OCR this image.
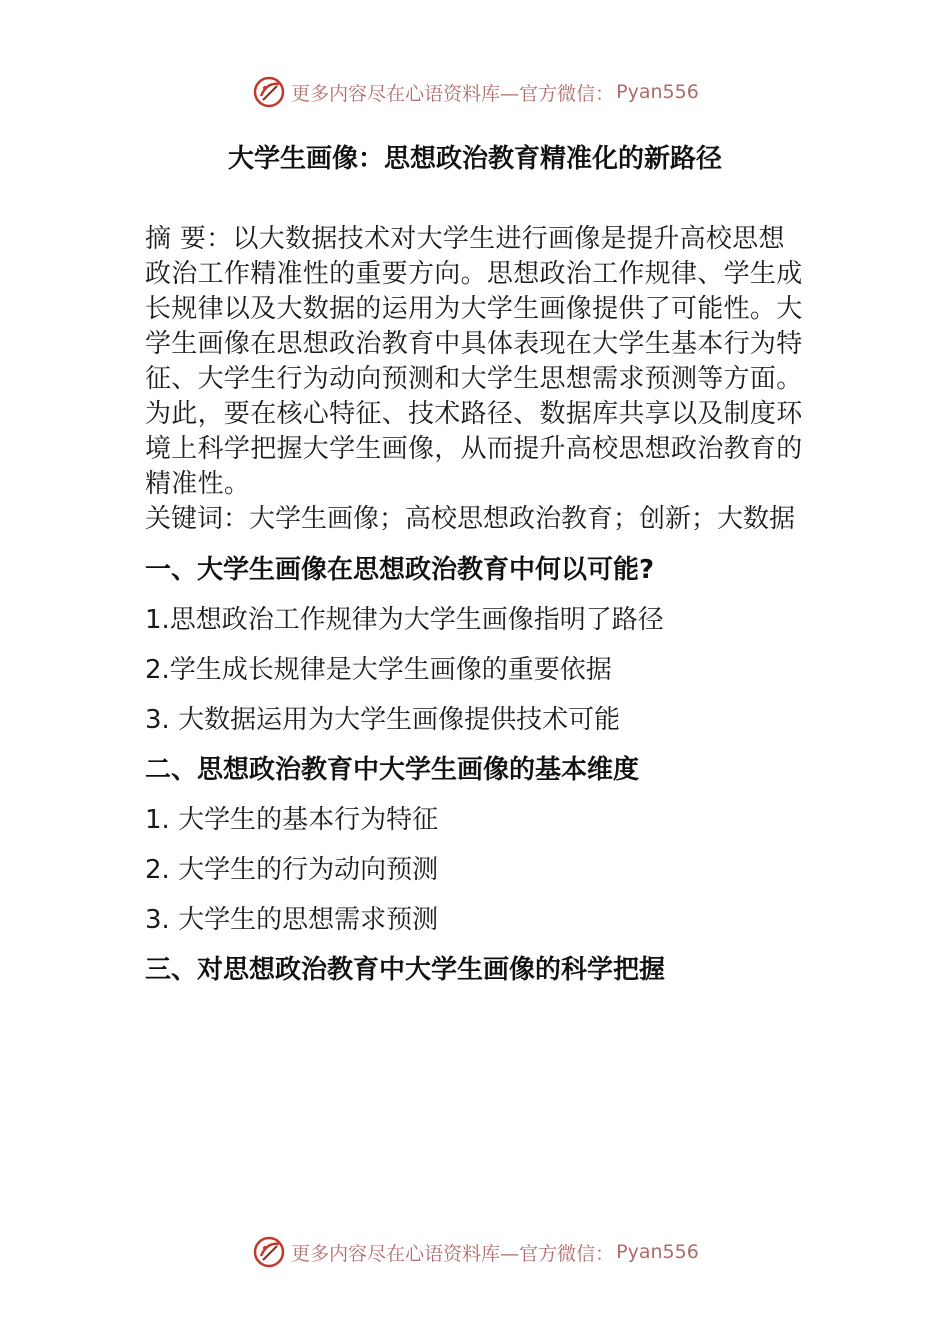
更多内容尽在心语资料库—官方微信： Pyan556
大学生画像：思想政治教育精准化的新路径

摘 要：以大数据技术对大学生进行画像是提升高校思想政治工作精准性的重要方向。思想政治工作规律、学生成长规律以及大数据的运用为大学生画像提供了可能性。大学生画像在思想政治教育中具体表现在大学生基本行为特征、大学生行为动向预测和大学生思想需求预测等方面。为此，要在核心特征、技术路径、数据库共享以及制度环境上科学把握大学生画像，从而提升高校思想政治教育的精准性。

关键词：大学生画像；高校思想政治教育；创新；大数据

一、大学生画像在思想政治教育中何以可能?

1.思想政治工作规律为大学生画像指明了路径

2.学生成长规律是大学生画像的重要依据

3. 大数据运用为大学生画像提供技术可能

二、思想政治教育中大学生画像的基本维度

1. 大学生的基本行为特征

2. 大学生的行为动向预测

3. 大学生的思想需求预测

三、对思想政治教育中大学生画像的科学把握

更多内容尽在心语资料库—官方微信： Pyan556
